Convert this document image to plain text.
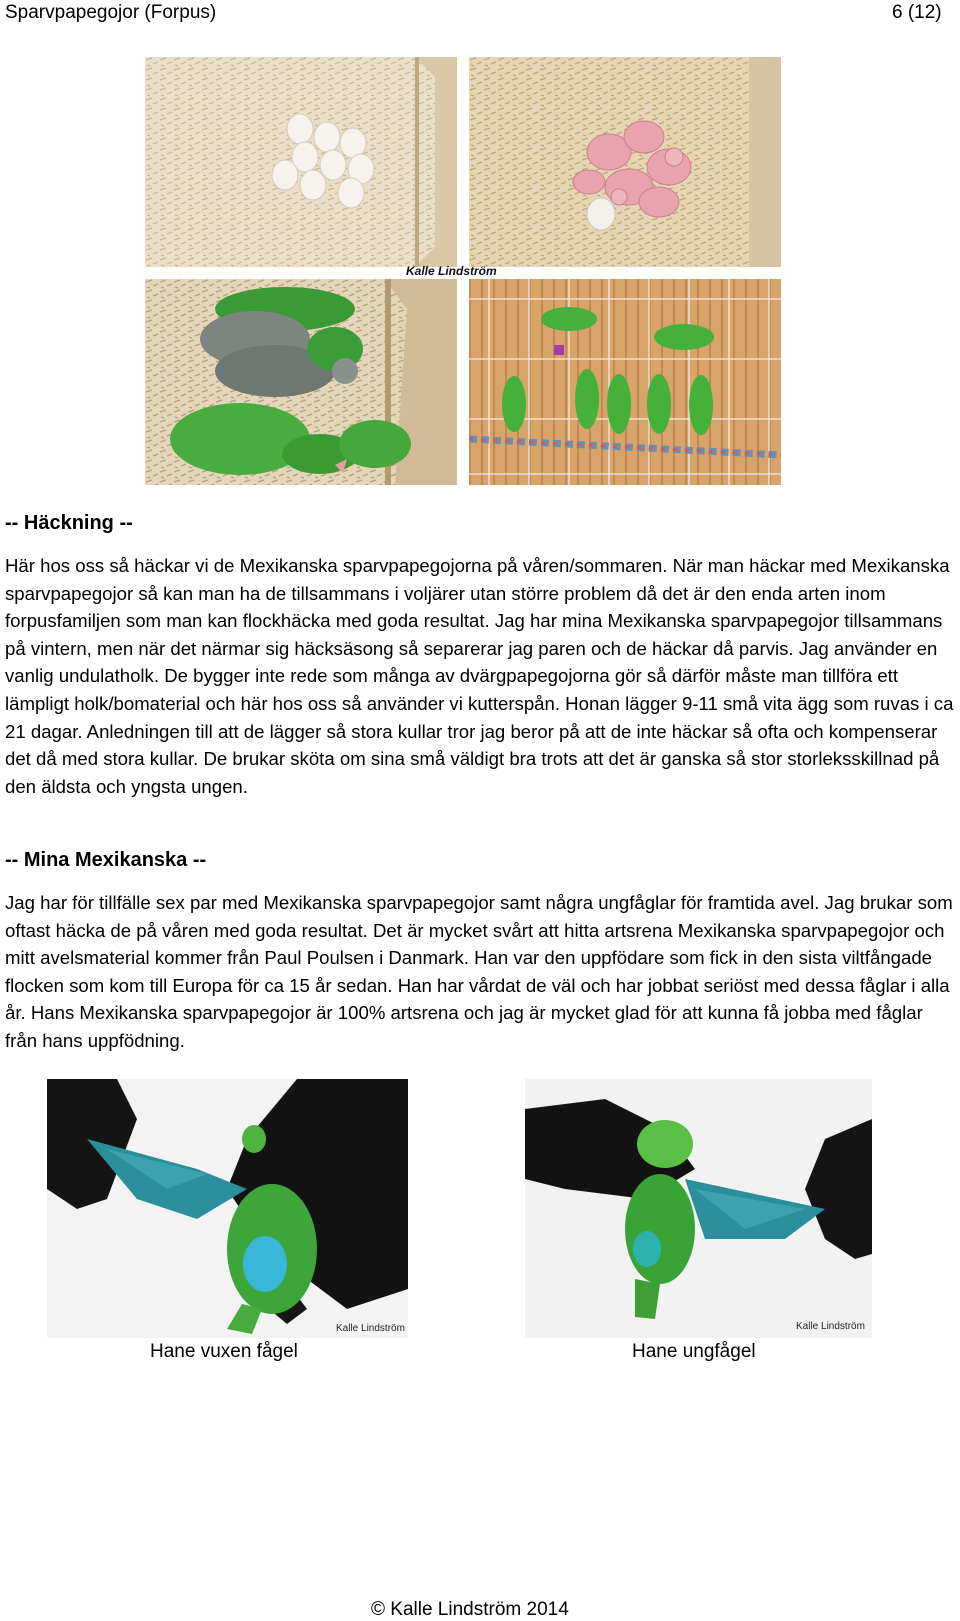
Sparvpapegojor (Forpus)	6 (12)
Kalle Lindström
-- Häckning --

Här hos oss så häckar vi de Mexikanska sparvpapegojorna på våren/sommaren. När man häckar med Mexikanska sparvpapegojor så kan man ha de tillsammans i voljärer utan större problem då det är den enda arten inom forpusfamiljen som man kan flockhäcka med goda resultat. Jag har mina Mexikanska sparvpapegojor tillsammans på vintern, men när det närmar sig häcksäsong så separerar jag paren och de häckar då parvis. Jag använder en vanlig undulatholk. De bygger inte rede som många av dvärgpapegojorna gör så därför måste man tillföra ett lämpligt holk/bomaterial och här hos oss så använder vi kutterspån. Honan lägger 9-11 små vita ägg som ruvas i ca 21 dagar. Anledningen till att de lägger så stora kullar tror jag beror på att de inte häckar så ofta och kompenserar det då med stora kullar. De brukar sköta om sina små väldigt bra trots att det är ganska så stor storleksskillnad på den äldsta och yngsta ungen.

-- Mina Mexikanska --

Jag har för tillfälle sex par med Mexikanska sparvpapegojor samt några ungfåglar för framtida avel. Jag brukar som oftast häcka de på våren med goda resultat. Det är mycket svårt att hitta artsrena Mexikanska sparvpapegojor och mitt avelsmaterial kommer från Paul Poulsen i Danmark. Han var den uppfödare som fick in den sista viltfångade flocken som kom till Europa för ca 15 år sedan. Han har vårdat de väl och har jobbat seriöst med dessa fåglar i alla år. Hans Mexikanska sparvpapegojor är 100% artsrena och jag är mycket glad för att kunna få jobba med fåglar från hans uppfödning.

Kalle Lindström	Kalle Lindström
Hane vuxen fågel	Hane ungfågel
© Kalle Lindström 2014
